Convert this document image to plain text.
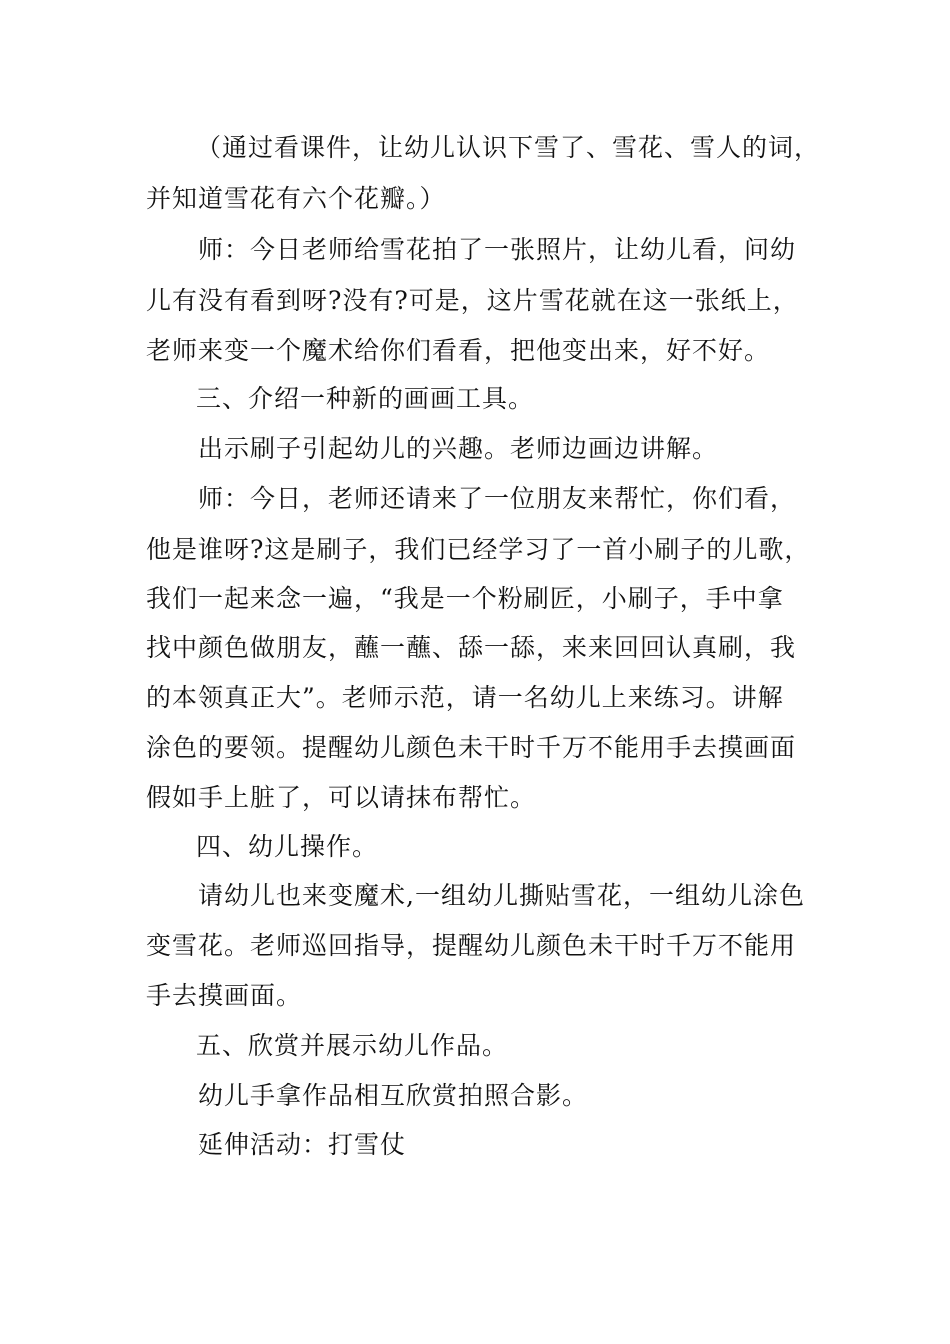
（通过看课件，让幼儿认识下雪了、雪花、雪人的词，
并知道雪花有六个花瓣。）
师：今日老师给雪花拍了一张照片，让幼儿看，问幼
儿有没有看到呀?没有?可是，这片雪花就在这一张纸上，
老师来变一个魔术给你们看看，把他变出来，好不好。
三、介绍一种新的画画工具。
出示刷子引起幼儿的兴趣。老师边画边讲解。
师：今日，老师还请来了一位朋友来帮忙，你们看，
他是谁呀?这是刷子，我们已经学习了一首小刷子的儿歌，
我们一起来念一遍，“我是一个粉刷匠，小刷子，手中拿
找中颜色做朋友，蘸一蘸、舔一舔，来来回回认真刷，我
的本领真正大”。老师示范，请一名幼儿上来练习。讲解
涂色的要领。提醒幼儿颜色未干时千万不能用手去摸画面
假如手上脏了，可以请抹布帮忙。
四、幼儿操作。
请幼儿也来变魔术,一组幼儿撕贴雪花，一组幼儿涂色
变雪花。老师巡回指导，提醒幼儿颜色未干时千万不能用
手去摸画面。
五、欣赏并展示幼儿作品。
幼儿手拿作品相互欣赏拍照合影。
延伸活动：打雪仗
